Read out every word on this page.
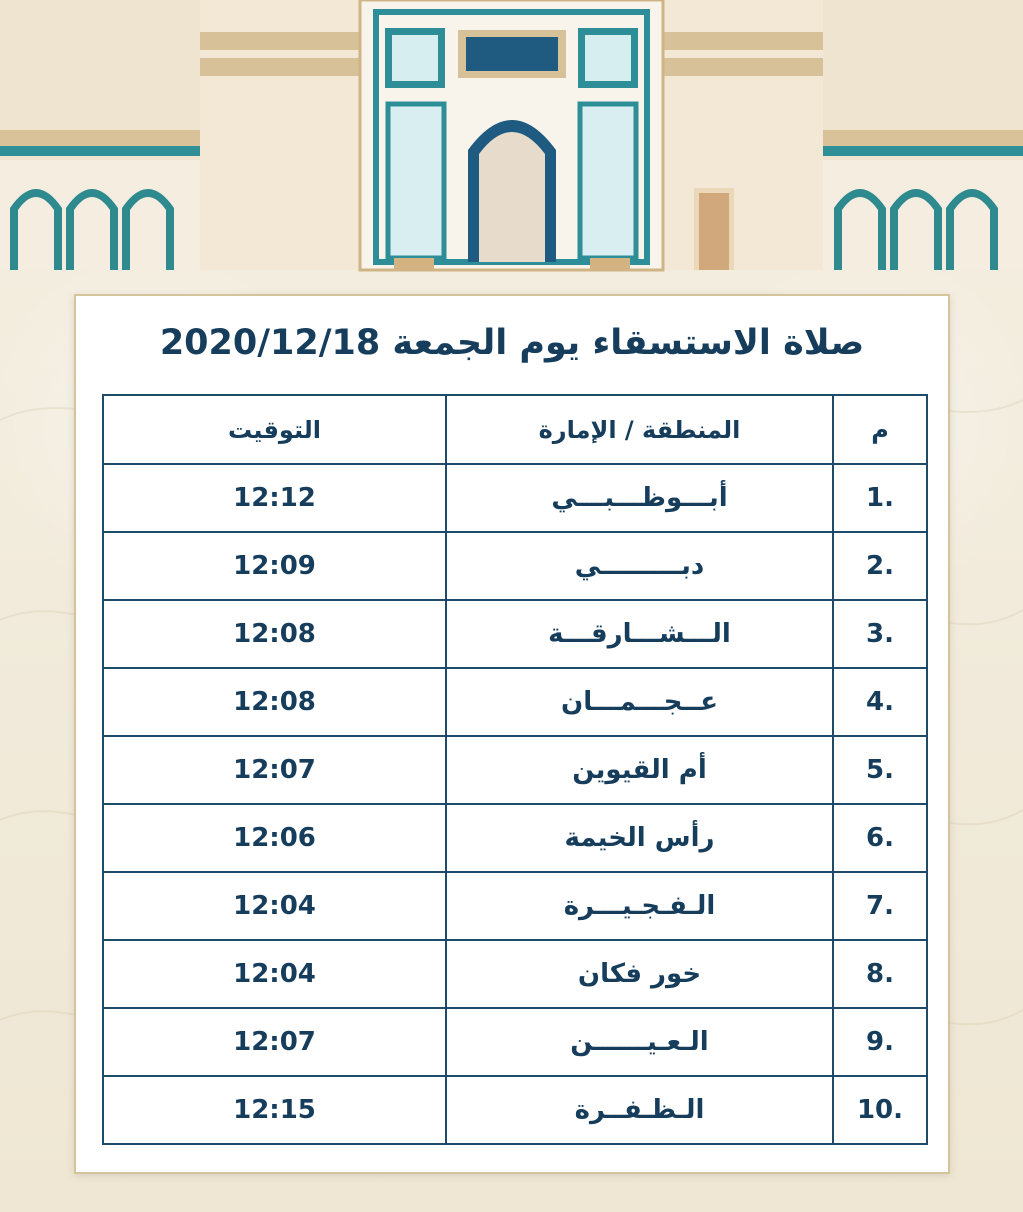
صلاة الاستسقاء يوم الجمعة 2020/12/18
م	المنطقة / الإمارة	التوقيت
1.	أبـــوظـــبـــي	12:12
2.	دبـــــــــي	12:09
3.	الـــشـــارقـــة	12:08
4.	عــجـــمـــان	12:08
5.	أم القيوين	12:07
6.	رأس الخيمة	12:06
7.	الـفـجـيـــرة	12:04
8.	خور فكان	12:04
9.	الـعـيــــــن	12:07
10.	الـظـفــرة	12:15
